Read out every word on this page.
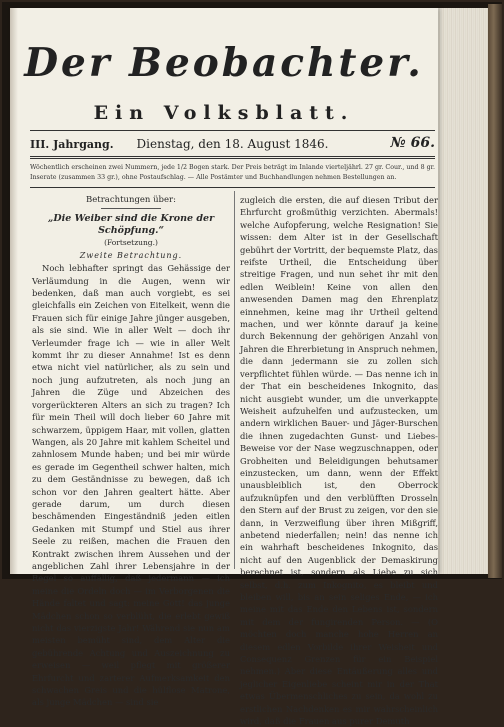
Der Beobachter.
Ein Volksblatt.
III. Jahrgang.	Dienstag, den 18. August 1846.	№ 66.
Wöchentlich erscheinen zwei Nummern, jede 1/2 Bogen stark. Der Preis beträgt im Inlande vierteljährl. 27 gr. Cour., und 8 gr. Inserate (zusammen 33 gr.), ohne Postaufschlag. — Alle Postämter und Buchhandlungen nehmen Bestellungen an.
Betrachtungen über:
„Die Weiber sind die Krone der Schöpfung.“
(Fortsetzung.)
Zweite Betrachtung.

Noch lebhafter springt das Gehässige der Verläumdung in die Augen, wenn wir bedenken, daß man auch vorgiebt, es sei gleichfalls ein Zeichen von Eitelkeit, wenn die Frauen sich für einige Jahre jünger ausgeben, als sie sind. Wie in aller Welt — doch ihr Verleumder frage ich — wie in aller Welt kommt ihr zu dieser Annahme! Ist es denn etwa nicht viel natürlicher, als zu sein und noch jung aufzutreten, als noch jung an Jahren die Züge und Abzeichen des vorgerückteren Alters an sich zu tragen? Ich für mein Theil will doch lieber 60 Jahre mit schwarzem, üppigem Haar, mit vollen, glatten Wangen, als 20 Jahre mit kahlem Scheitel und zahnlosem Munde haben; und bei mir würde es gerade im Gegentheil schwer halten, mich zu dem Geständnisse zu bewegen, daß ich schon vor den Jahren gealtert hätte. Aber gerade darum, um durch diesen beschämenden Eingeständniß jeden eitlen Gedanken mit Stumpf und Stiel aus ihrer Seele zu reißen, machen die Frauen den Kontrakt zwischen ihrem Aussehen und der angeblichen Zahl ihrer Lebensjahre in der Regel so auffällig, daß jedermann — ich meine die Ordeln doch — im Verborgenen die Hände faltet und sagt: meine Gott! das junge Mädchen schon so verblüht, die erlebt gewiß nicht das vierzigste Jahr! Während sie nun am meisten bemüht sind, dem Alter die gebührende Achtung und Auszeichnung zu erweisen — weil pflegt mit größerer Ehrfurcht und zarterer Aufmerksamkeit den schwachen Greis und die hülflose Matrone, als junge Mädchen — sind sie

zugleich die ersten, die auf diesen Tribut der Ehrfurcht großmüthig verzichten. Abermals! welche Aufopferung, welche Resignation! Sie wissen: dem Alter ist in der Gesellschaft gebührt der Vortritt, der bequemste Platz, das reifste Urtheil, die Entscheidung über streitige Fragen, und nun sehet ihr mit den edlen Weiblein! Keine von allen den anwesenden Damen mag den Ehrenplatz einnehmen, keine mag ihr Urtheil geltend machen, und wer könnte darauf ja keine durch Bekennung der gehörigen Anzahl von Jahren die Ehrerbietung in Anspruch nehmen, die dann jedermann sie zu zollen sich verpflichtet fühlen würde. — Das nenne ich in der That ein bescheidenes Inkognito, das nicht ausgiebt wunder, um die unverkappte Weisheit aufzuhelfen und aufzustecken, um andern wirklichen Bauer- und Jäger-Burschen die ihnen zugedachten Gunst- und Liebes-Beweise vor der Nase wegzuschnappen, oder Grobheiten und Beleidigungen behutsamer einzustecken, um dann, wenn der Effekt unausbleiblich ist, den Oberrock aufzuknüpfen und den verblüfften Drosseln den Stern auf der Brust zu zeigen, vor den sie dann, in Verzweiflung über ihren Mißgriff, anbetend niederfallen; nein! das nenne ich ein wahrhaft bescheidenes Inkognito, das nicht auf den Augenblick der Demaskirung berechnet ist, sondern als Liebe zu sich selbst, d.h. zum Inkognito, es bleibt und bleiben will, bis an sein seliges Ende, — ich meine mit das Ende den Lebens ist, sondern mit dem der fungirenden Person. — (O möchten doch manche hohe Herren an diesem edlen Vorbilde ihrer Weisheit und Consequenz Grenzen für ein Beispiel nehmen.) Aber diese Entäußerung alles und jeglicher Eigenliebe scheint mir in der That etwas Übermenschliches zu sein, da wohl zu erstlichen Nachdenken es mir wahrscheinlich wird, daß die Frauen aus purer Demuth
